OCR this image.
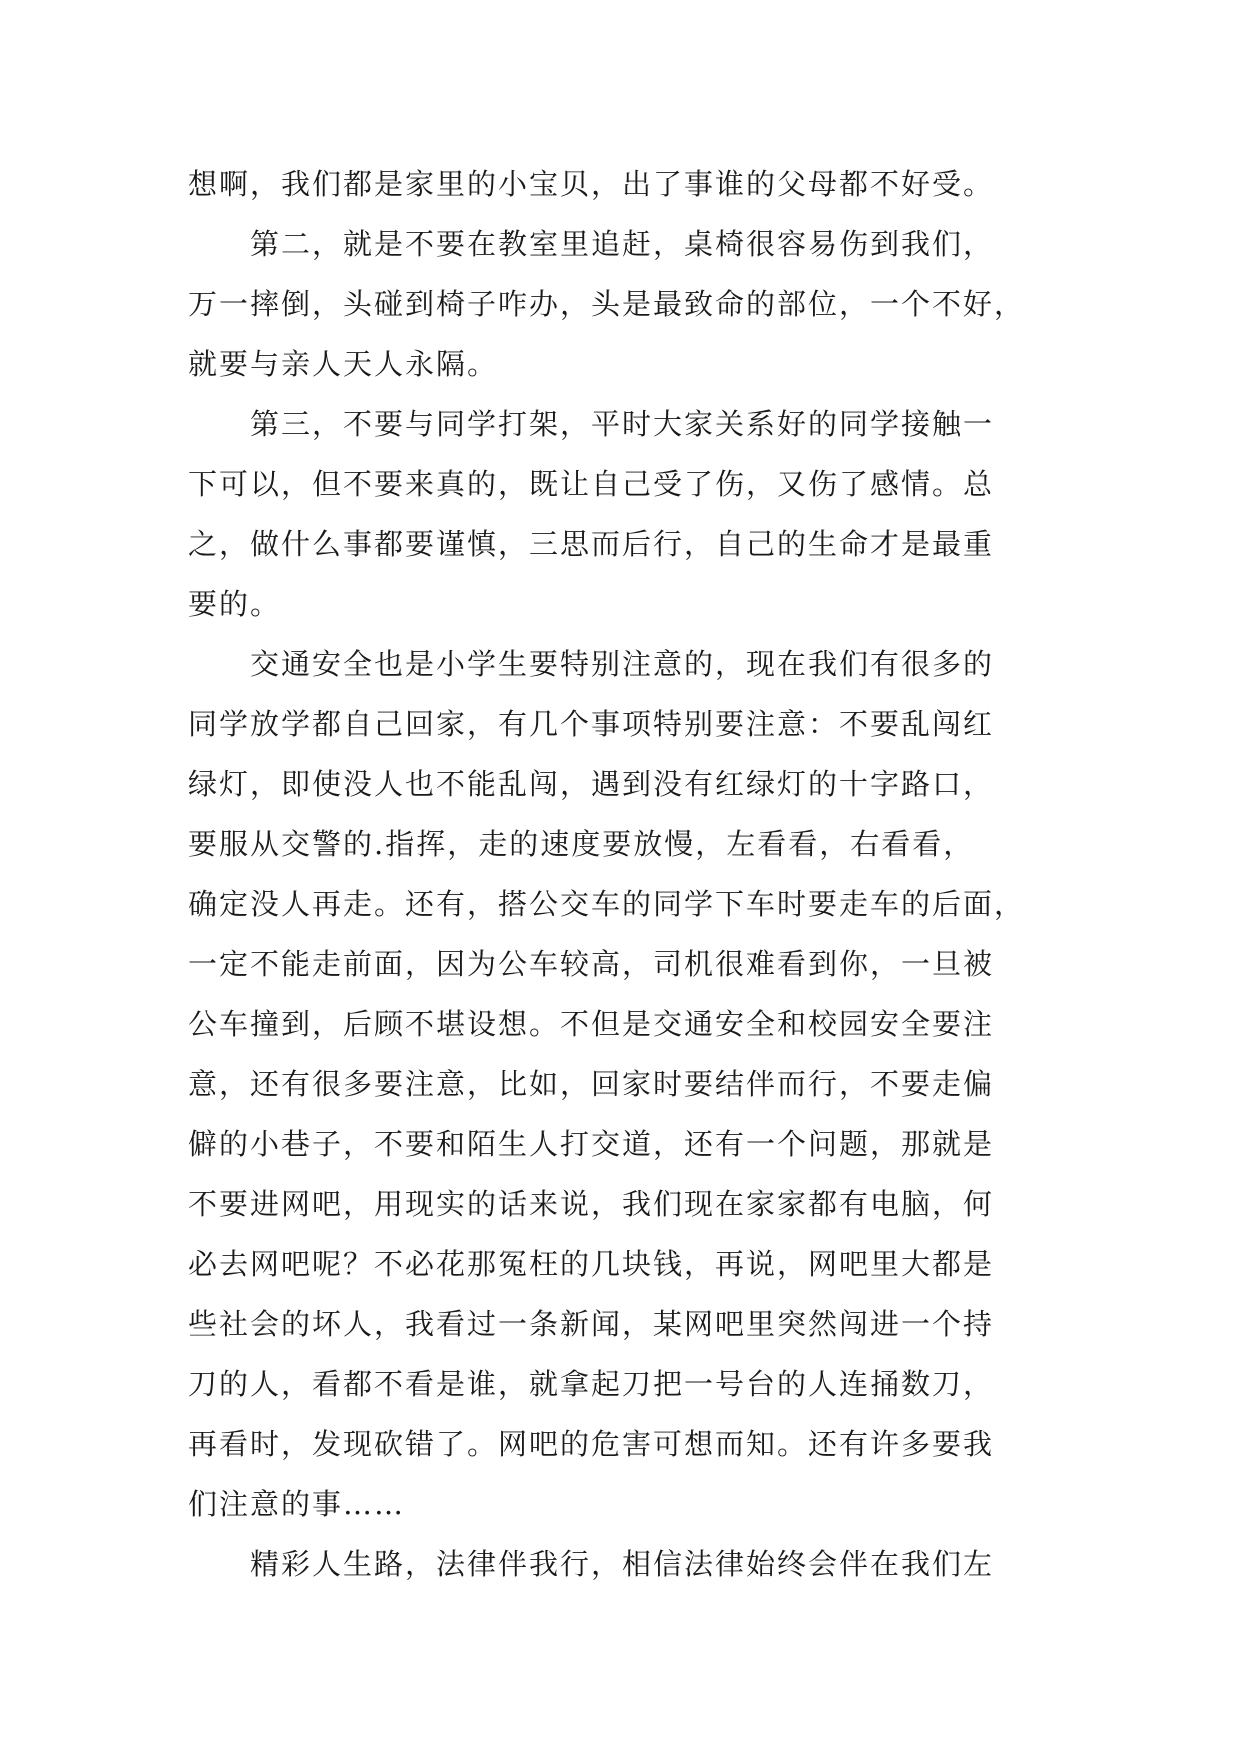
想啊，我们都是家里的小宝贝，出了事谁的父母都不好受。
第二，就是不要在教室里追赶，桌椅很容易伤到我们，
万一摔倒，头碰到椅子咋办，头是最致命的部位，一个不好，
就要与亲人天人永隔。
第三，不要与同学打架，平时大家关系好的同学接触一
下可以，但不要来真的，既让自己受了伤，又伤了感情。总
之，做什么事都要谨慎，三思而后行，自己的生命才是最重
要的。
交通安全也是小学生要特别注意的，现在我们有很多的
同学放学都自己回家，有几个事项特别要注意：不要乱闯红
绿灯，即使没人也不能乱闯，遇到没有红绿灯的十字路口，
要服从交警的.指挥，走的速度要放慢，左看看，右看看，
确定没人再走。还有，搭公交车的同学下车时要走车的后面，
一定不能走前面，因为公车较高，司机很难看到你，一旦被
公车撞到，后顾不堪设想。不但是交通安全和校园安全要注
意，还有很多要注意，比如，回家时要结伴而行，不要走偏
僻的小巷子，不要和陌生人打交道，还有一个问题，那就是
不要进网吧，用现实的话来说，我们现在家家都有电脑，何
必去网吧呢？不必花那冤枉的几块钱，再说，网吧里大都是
些社会的坏人，我看过一条新闻，某网吧里突然闯进一个持
刀的人，看都不看是谁，就拿起刀把一号台的人连捅数刀，
再看时，发现砍错了。网吧的危害可想而知。还有许多要我
们注意的事……
精彩人生路，法律伴我行，相信法律始终会伴在我们左
